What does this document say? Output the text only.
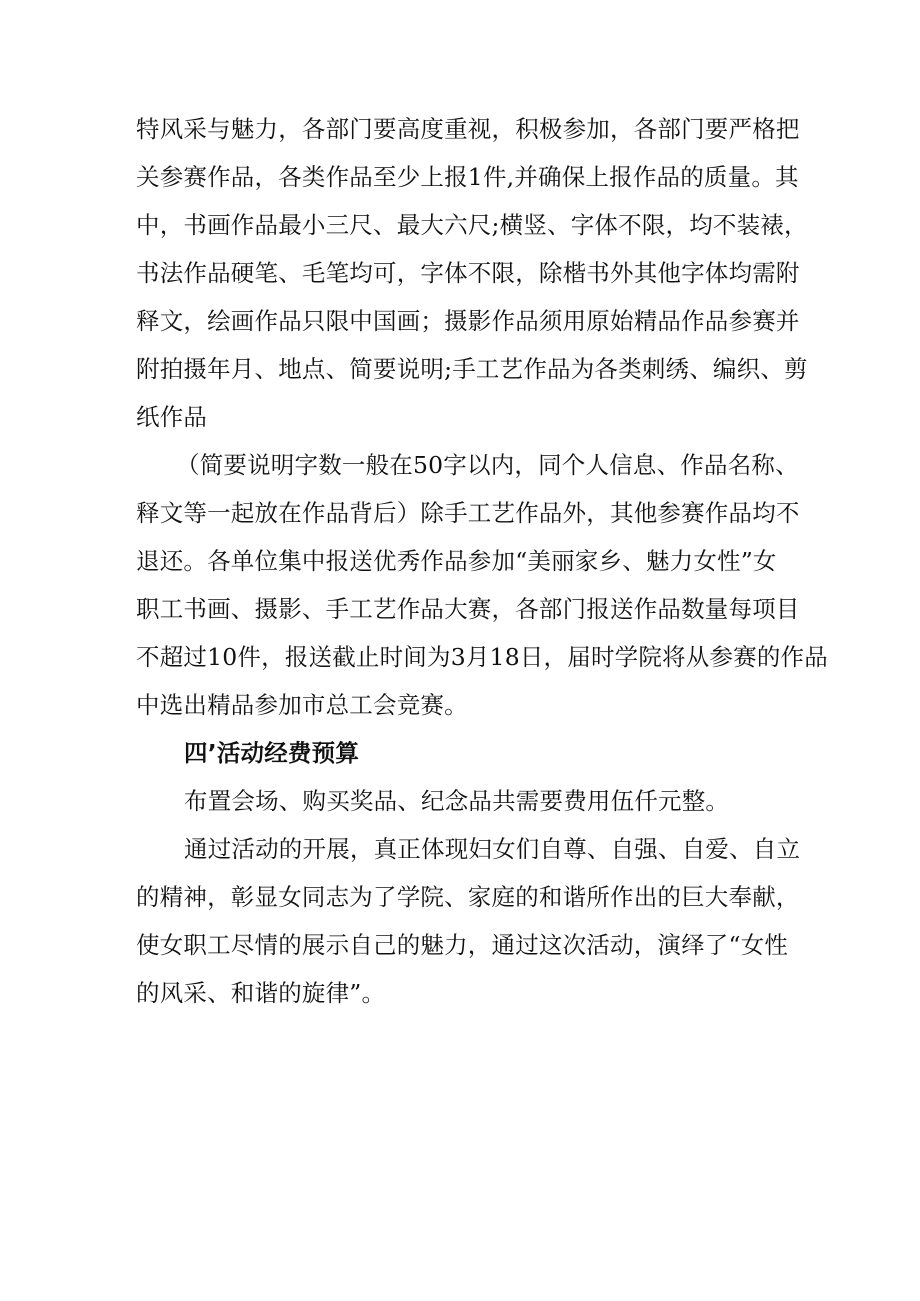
特风采与魅力，各部门要高度重视，积极参加，各部门要严格把
关参赛作品，各类作品至少上报1件,并确保上报作品的质量。其
中，书画作品最小三尺、最大六尺;横竖、字体不限，均不装裱，
书法作品硬笔、毛笔均可，字体不限，除楷书外其他字体均需附
释文，绘画作品只限中国画；摄影作品须用原始精品作品参赛并
附拍摄年月、地点、简要说明;手工艺作品为各类刺绣、编织、剪
纸作品
（简要说明字数一般在50字以内，同个人信息、作品名称、
释文等一起放在作品背后）除手工艺作品外，其他参赛作品均不
退还。各单位集中报送优秀作品参加“美丽家乡、魅力女性”女
职工书画、摄影、手工艺作品大赛，各部门报送作品数量每项目
不超过10件，报送截止时间为3月18日，届时学院将从参赛的作品
中选出精品参加市总工会竞赛。
四’活动经费预算
布置会场、购买奖品、纪念品共需要费用伍仟元整。
通过活动的开展，真正体现妇女们自尊、自强、自爱、自立
的精神，彰显女同志为了学院、家庭的和谐所作出的巨大奉献，
使女职工尽情的展示自己的魅力，通过这次活动，演绎了“女性
的风采、和谐的旋律”。
